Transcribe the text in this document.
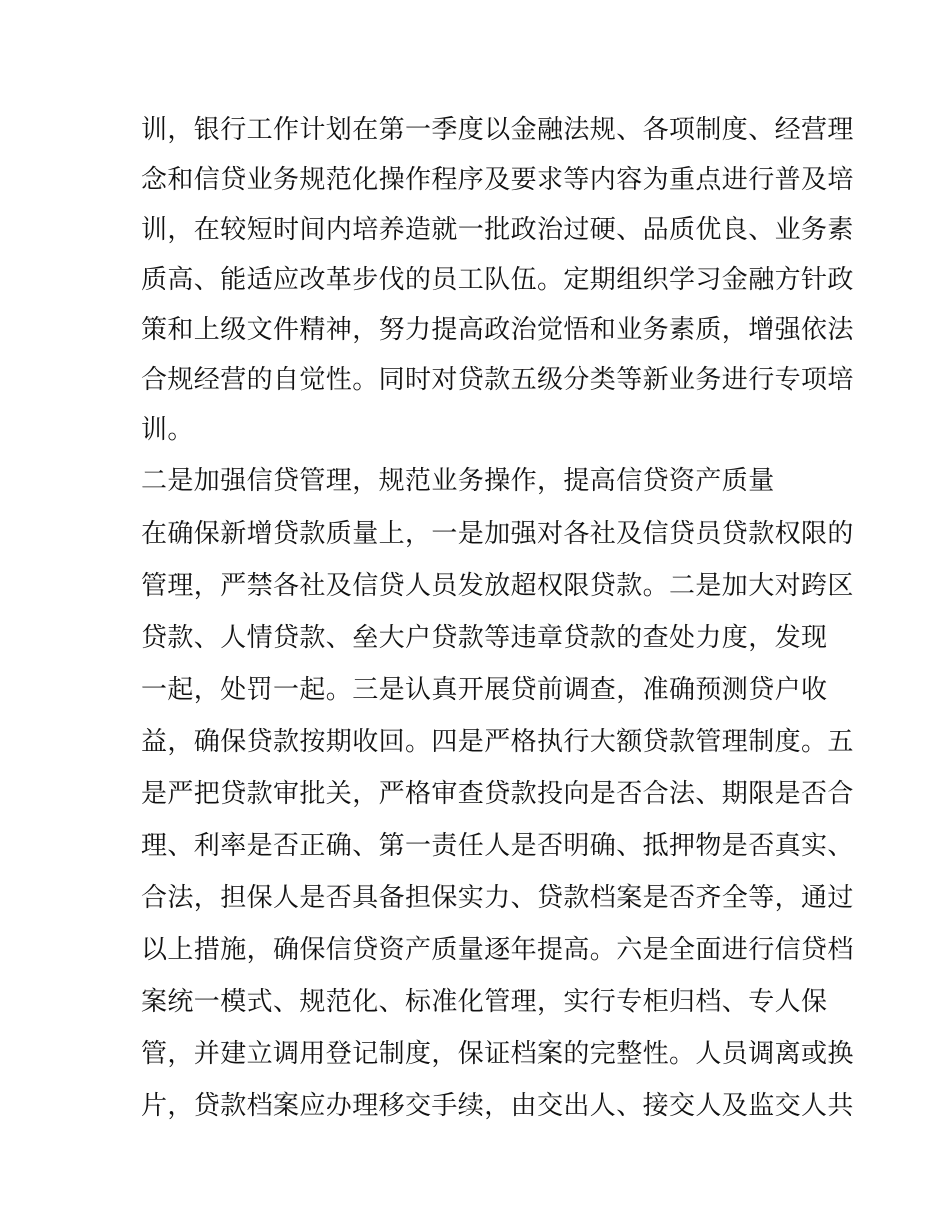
训，银行工作计划在第一季度以金融法规、各项制度、经营理
念和信贷业务规范化操作程序及要求等内容为重点进行普及培
训，在较短时间内培养造就一批政治过硬、品质优良、业务素
质高、能适应改革步伐的员工队伍。定期组织学习金融方针政
策和上级文件精神，努力提高政治觉悟和业务素质，增强依法
合规经营的自觉性。同时对贷款五级分类等新业务进行专项培
训。
二是加强信贷管理，规范业务操作，提高信贷资产质量
在确保新增贷款质量上，一是加强对各社及信贷员贷款权限的
管理，严禁各社及信贷人员发放超权限贷款。二是加大对跨区
贷款、人情贷款、垒大户贷款等违章贷款的查处力度，发现
一起，处罚一起。三是认真开展贷前调查，准确预测贷户收
益，确保贷款按期收回。四是严格执行大额贷款管理制度。五
是严把贷款审批关，严格审查贷款投向是否合法、期限是否合
理、利率是否正确、第一责任人是否明确、抵押物是否真实、
合法，担保人是否具备担保实力、贷款档案是否齐全等，通过
以上措施，确保信贷资产质量逐年提高。六是全面进行信贷档
案统一模式、规范化、标准化管理，实行专柜归档、专人保
管，并建立调用登记制度，保证档案的完整性。人员调离或换
片，贷款档案应办理移交手续，由交出人、接交人及监交人共
